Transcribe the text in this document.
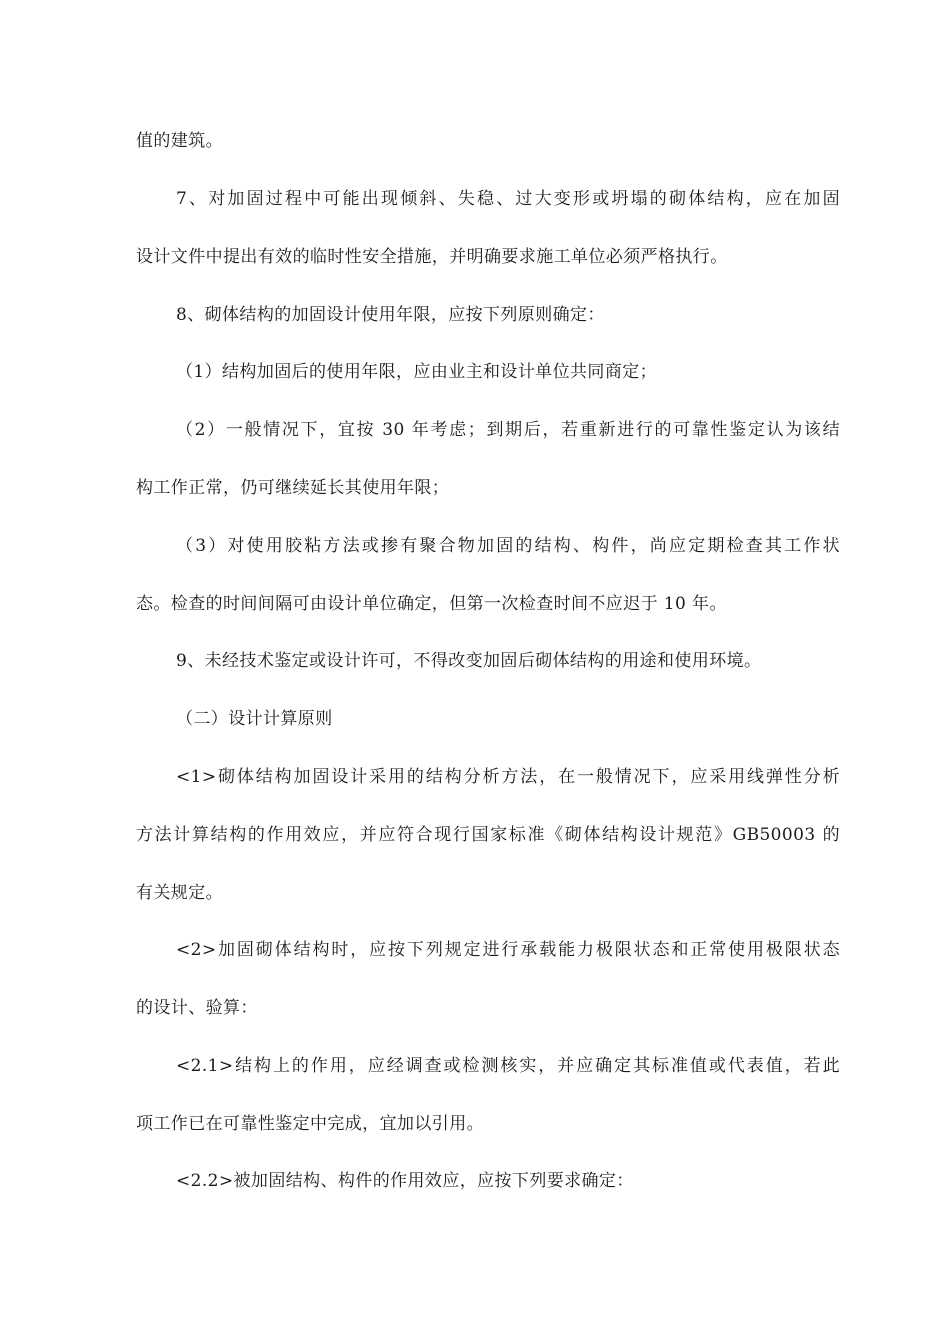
值的建筑。
7、对加固过程中可能出现倾斜、失稳、过大变形或坍塌的砌体结构，应在加固
设计文件中提出有效的临时性安全措施，并明确要求施工单位必须严格执行。
8、砌体结构的加固设计使用年限，应按下列原则确定：
（1）结构加固后的使用年限，应由业主和设计单位共同商定；
（2）一般情况下，宜按 30 年考虑；到期后，若重新进行的可靠性鉴定认为该结
构工作正常，仍可继续延长其使用年限；
（3）对使用胶粘方法或掺有聚合物加固的结构、构件，尚应定期检查其工作状
态。检查的时间间隔可由设计单位确定，但第一次检查时间不应迟于 10 年。
9、未经技术鉴定或设计许可，不得改变加固后砌体结构的用途和使用环境。
（二）设计计算原则
<1>砌体结构加固设计采用的结构分析方法，在一般情况下，应采用线弹性分析
方法计算结构的作用效应，并应符合现行国家标准《砌体结构设计规范》GB50003 的
有关规定。
<2>加固砌体结构时，应按下列规定进行承载能力极限状态和正常使用极限状态
的设计、验算：
<2.1>结构上的作用，应经调查或检测核实，并应确定其标准值或代表值，若此
项工作已在可靠性鉴定中完成，宜加以引用。
<2.2>被加固结构、构件的作用效应，应按下列要求确定：
